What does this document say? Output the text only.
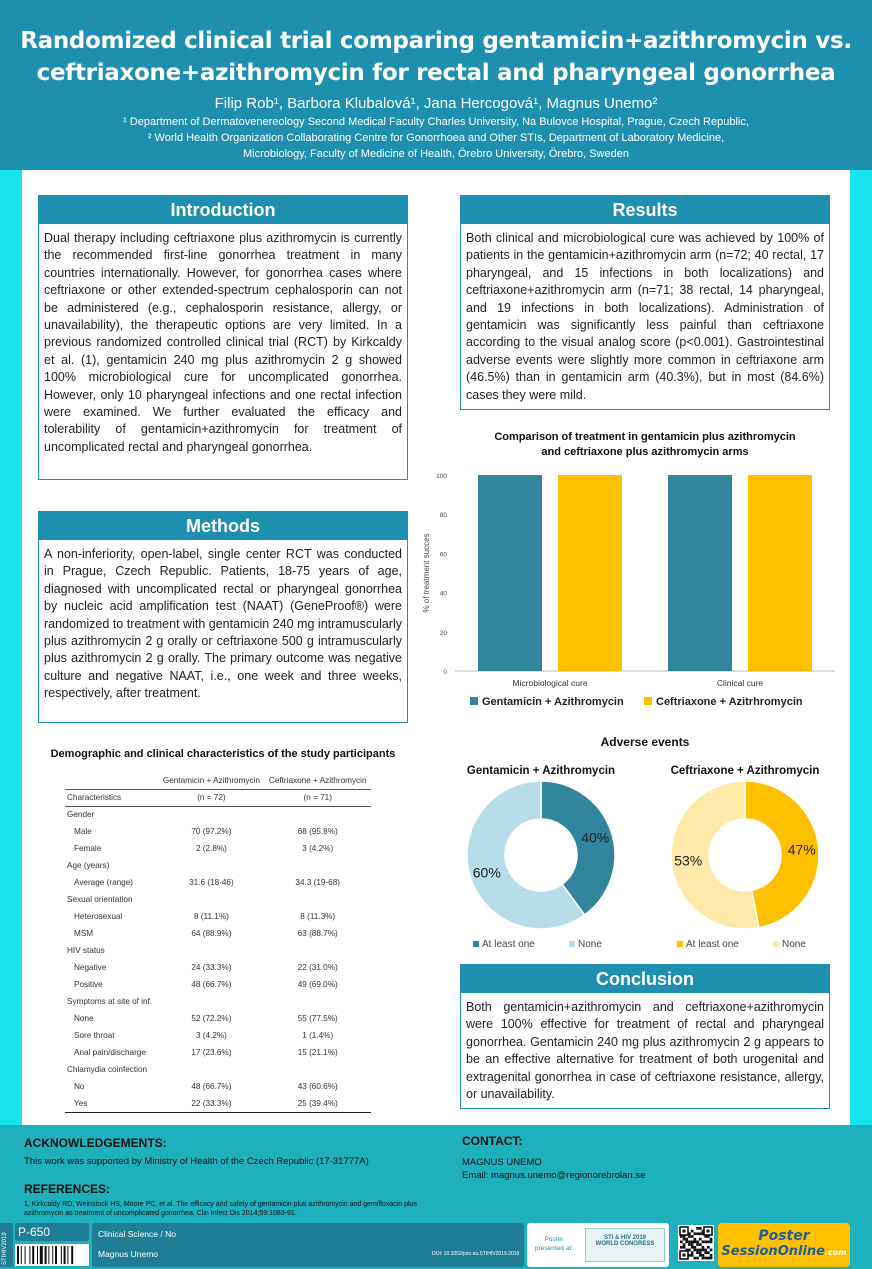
Randomized clinical trial comparing gentamicin+azithromycin vs.
ceftriaxone+azithromycin for rectal and pharyngeal gonorrhea
Filip Rob¹, Barbora Klubalová¹, Jana Hercogová¹, Magnus Unemo²
¹ Department of Dermatovenereology Second Medical Faculty Charles University, Na Bulovce Hospital, Prague, Czech Republic,
² World Health Organization Collaborating Centre for Gonorrhoea and Other STIs, Department of Laboratory Medicine,
Microbiology, Faculty of Medicine of Health, Örebro University, Örebro, Sweden
Introduction
Dual therapy including ceftriaxone plus azithromycin is currently the recommended first-line gonorrhea treatment in many countries internationally. However, for gonorrhea cases where ceftriaxone or other extended-spectrum cephalosporin can not be administered (e.g., cephalosporin resistance, allergy, or unavailability), the therapeutic options are very limited. In a previous randomized controlled clinical trial (RCT) by Kirkcaldy et al. (1), gentamicin 240 mg plus azithromycin 2 g showed 100% microbiological cure for uncomplicated gonorrhea. However, only 10 pharyngeal infections and one rectal infection were examined. We further evaluated the efficacy and tolerability of gentamicin+azithromycin for treatment of uncomplicated rectal and pharyngeal gonorrhea.
Methods
A non-inferiority, open-label, single center RCT was conducted in Prague, Czech Republic. Patients, 18-75 years of age, diagnosed with uncomplicated rectal or pharyngeal gonorrhea by nucleic acid amplification test (NAAT) (GeneProof®) were randomized to treatment with gentamicin 240 mg intramuscularly plus azithromycin 2 g orally or ceftriaxone 500 g intramuscularly plus azithromycin 2 g orally. The primary outcome was negative culture and negative NAAT, i.e., one week and three weeks, respectively, after treatment.
Results
Both clinical and microbiological cure was achieved by 100% of patients in the gentamicin+azithromycin arm (n=72; 40 rectal, 17 pharyngeal, and 15 infections in both localizations) and ceftriaxone+azithromycin arm (n=71; 38 rectal, 14 pharyngeal, and 19 infections in both localizations). Administration of gentamicin was significantly less painful than ceftriaxone according to the visual analog score (p<0.001). Gastrointestinal adverse events were slightly more common in ceftriaxone arm (46.5%) than in gentamicin arm (40.3%), but in most (84.6%) cases they were mild.
Demographic and clinical characteristics of the study participants
	Gentamicin + Azithromycin	Ceftriaxone + Azithromycin
Characteristics	(n = 72)	(n = 71)
Gender		
Male	70 (97.2%)	68 (95.8%)
Female	2 (2.8%)	3 (4.2%)
Age (years)		
Average (range)	31.6 (18-46)	34.3 (19-68)
Sexual orientation		
Heterosexual	8 (11.1%)	8 (11.3%)
MSM	64 (88.9%)	63 (88.7%)
HIV status		
Negative	24 (33.3%)	22 (31.0%)
Positive	48 (66.7%)	49 (69.0%)
Symptoms at site of inf.		
None	52 (72.2%)	55 (77.5%)
Sore throat	3 (4.2%)	1 (1.4%)
Anal pain/discharge	17 (23.6%)	15 (21.1%)
Chlamydia coinfection		
No	48 (66.7%)	43 (60.6%)
Yes	22 (33.3%)	25 (39.4%)
Comparison of treatment in gentamicin plus azithromycin
and ceftriaxone plus azithromycin arms
0
20
40
60
80
100
% of treatment succes
Microbiological cure	Clinical cure
Gentamicin + Azithromycin	Ceftriaxone + Azitrhromycin
Adverse events
Gentamicin + Azithromycin
40%
60%
At least one	None
Ceftriaxone + Azithromycin
47%
53%
At least one	None
Conclusion
Both gentamicin+azithromycin and ceftriaxone+azithromycin were 100% effective for treatment of rectal and pharyngeal gonorrhea. Gentamicin 240 mg plus azithromycin 2 g appears to be an effective alternative for treatment of both urogenital and extragenital gonorrhea in case of ceftriaxone resistance, allergy, or unavailability.
ACKNOWLEDGEMENTS:
This work was supported by Ministry of Health of the Czech Republic (17-31777A)
CONTACT:
MAGNUS UNEMO
Email: magnus.unemo@regionorebrolan.se
REFERENCES:
1. Kirkcaldy RD, Weinstock HS, Moore PC, et al. The efficacy and safety of gentamicin plus azithromycin and gemifloxacin plus azithromycin as treatment of uncomplicated gonorrhea. Clin Infect Dis 2014;59:1083-91.
STIHIV2019
P-650	Clinical Science / No
Magnus Unemo	DOI: 10.3252/pso.eu.STIHIV2019.2019
Poster presented at:
STI & HIV 2019
WORLD CONGRESS	Poster
SessionOnline.com
